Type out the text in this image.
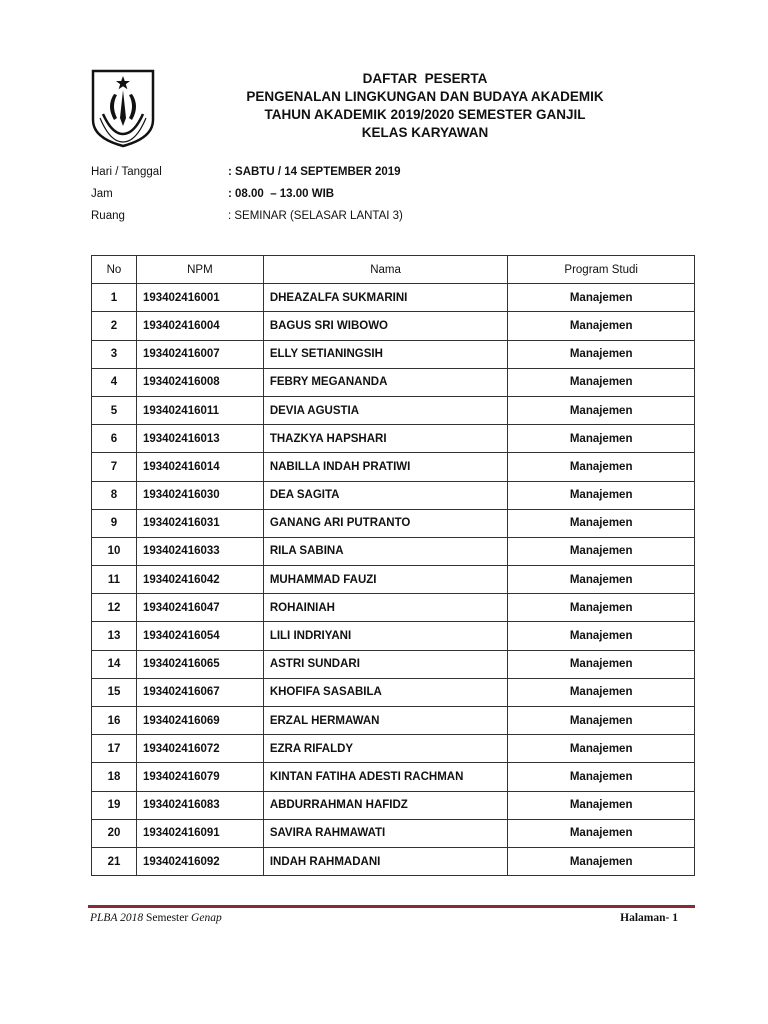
DAFTAR  PESERTA
PENGENALAN LINGKUNGAN DAN BUDAYA AKADEMIK
TAHUN AKADEMIK 2019/2020 SEMESTER GANJIL
KELAS KARYAWAN
Hari / Tanggal	: SABTU / 14 SEPTEMBER 2019
Jam	: 08.00  – 13.00 WIB
Ruang	: SEMINAR (SELASAR LANTAI 3)
No	NPM	Nama	Program Studi
1	193402416001	DHEAZALFA SUKMARINI	Manajemen
2	193402416004	BAGUS SRI WIBOWO	Manajemen
3	193402416007	ELLY SETIANINGSIH	Manajemen
4	193402416008	FEBRY MEGANANDA	Manajemen
5	193402416011	DEVIA AGUSTIA	Manajemen
6	193402416013	THAZKYA HAPSHARI	Manajemen
7	193402416014	NABILLA INDAH PRATIWI	Manajemen
8	193402416030	DEA SAGITA	Manajemen
9	193402416031	GANANG ARI PUTRANTO	Manajemen
10	193402416033	RILA SABINA	Manajemen
11	193402416042	MUHAMMAD FAUZI	Manajemen
12	193402416047	ROHAINIAH	Manajemen
13	193402416054	LILI INDRIYANI	Manajemen
14	193402416065	ASTRI SUNDARI	Manajemen
15	193402416067	KHOFIFA SASABILA	Manajemen
16	193402416069	ERZAL HERMAWAN	Manajemen
17	193402416072	EZRA RIFALDY	Manajemen
18	193402416079	KINTAN FATIHA ADESTI RACHMAN	Manajemen
19	193402416083	ABDURRAHMAN HAFIDZ	Manajemen
20	193402416091	SAVIRA RAHMAWATI	Manajemen
21	193402416092	INDAH RAHMADANI	Manajemen
PLBA 2018 Semester Genap	Halaman- 1
